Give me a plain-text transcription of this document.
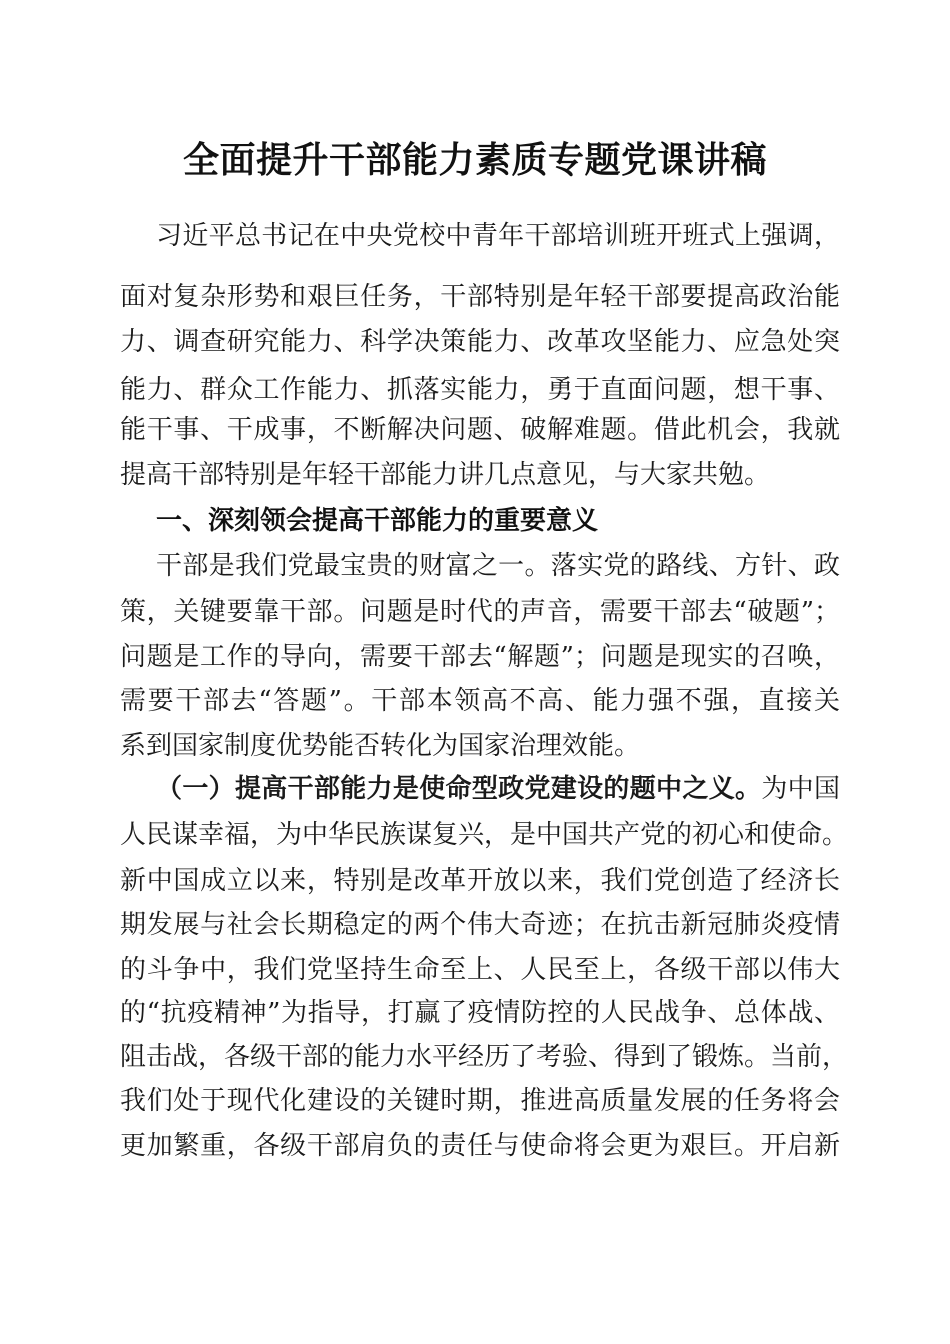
全面提升干部能力素质专题党课讲稿
习近平总书记在中央党校中青年干部培训班开班式上强调，
面对复杂形势和艰巨任务，干部特别是年轻干部要提高政治能
力、调查研究能力、科学决策能力、改革攻坚能力、应急处突
能力、群众工作能力、抓落实能力，勇于直面问题，想干事、
能干事、干成事，不断解决问题、破解难题。借此机会，我就
提高干部特别是年轻干部能力讲几点意见，与大家共勉。
一、深刻领会提高干部能力的重要意义
干部是我们党最宝贵的财富之一。落实党的路线、方针、政
策，关键要靠干部。问题是时代的声音，需要干部去“破题”；
问题是工作的导向，需要干部去“解题”；问题是现实的召唤，
需要干部去“答题”。干部本领高不高、能力强不强，直接关
系到国家制度优势能否转化为国家治理效能。
（一）提高干部能力是使命型政党建设的题中之义。为中国
人民谋幸福，为中华民族谋复兴，是中国共产党的初心和使命。
新中国成立以来，特别是改革开放以来，我们党创造了经济长
期发展与社会长期稳定的两个伟大奇迹；在抗击新冠肺炎疫情
的斗争中，我们党坚持生命至上、人民至上，各级干部以伟大
的“抗疫精神”为指导，打赢了疫情防控的人民战争、总体战、
阻击战，各级干部的能力水平经历了考验、得到了锻炼。当前，
我们处于现代化建设的关键时期，推进高质量发展的任务将会
更加繁重，各级干部肩负的责任与使命将会更为艰巨。开启新
